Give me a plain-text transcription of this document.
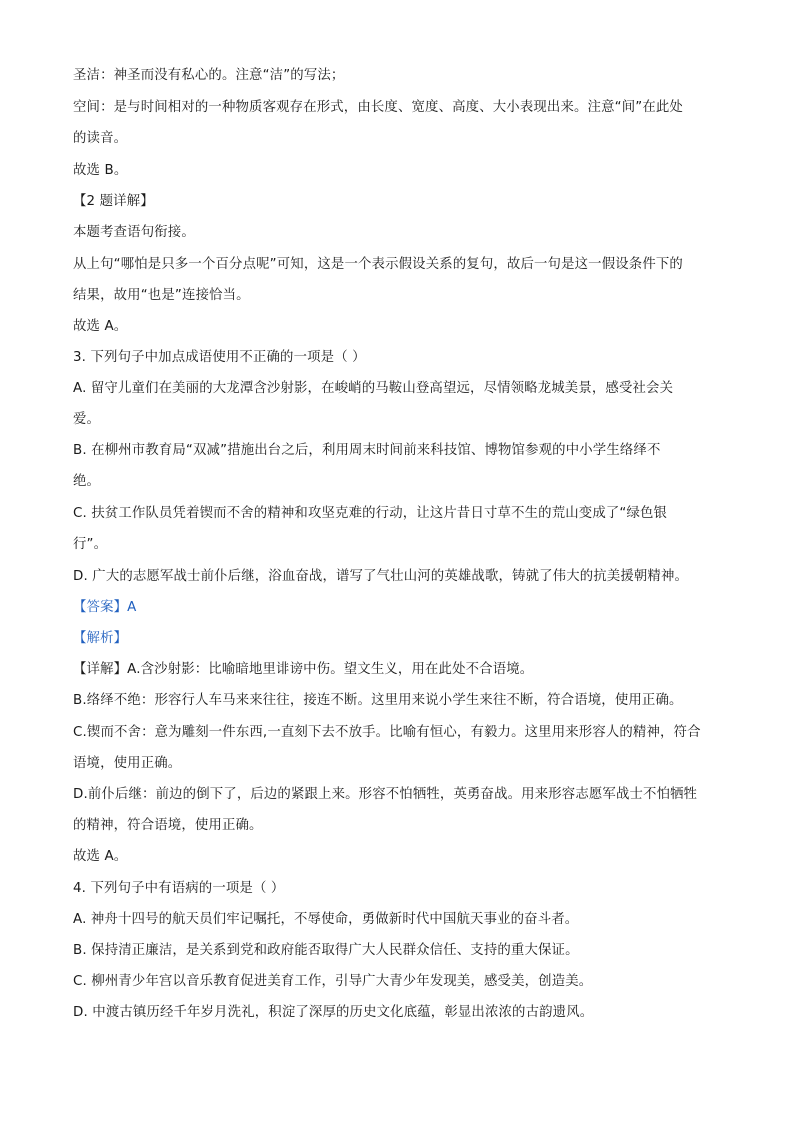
圣洁：神圣而没有私心的。注意“洁”的写法；
空间：是与时间相对的一种物质客观存在形式，由长度、宽度、高度、大小表现出来。注意“间”在此处
的读音。
故选 B。
【2 题详解】
本题考查语句衔接。
从上句“哪怕是只多一个百分点呢”可知，这是一个表示假设关系的复句，故后一句是这一假设条件下的
结果，故用“也是”连接恰当。
故选 A。
3. 下列句子中加点成语使用不正确的一项是（ ）
A. 留守儿童们在美丽的大龙潭含沙射影，在峻峭的马鞍山登高望远，尽情领略龙城美景，感受社会关
爱。
B. 在柳州市教育局“双减”措施出台之后，利用周末时间前来科技馆、博物馆参观的中小学生络绎不
绝。
C. 扶贫工作队员凭着锲而不舍的精神和攻坚克难的行动，让这片昔日寸草不生的荒山变成了“绿色银
行”。
D. 广大的志愿军战士前仆后继，浴血奋战，谱写了气壮山河的英雄战歌，铸就了伟大的抗美援朝精神。
【答案】A
【解析】
【详解】A.含沙射影：比喻暗地里诽谤中伤。望文生义，用在此处不合语境。
B.络绎不绝：形容行人车马来来往往，接连不断。这里用来说小学生来往不断，符合语境，使用正确。
C.锲而不舍：意为雕刻一件东西,一直刻下去不放手。比喻有恒心，有毅力。这里用来形容人的精神，符合
语境，使用正确。
D.前仆后继：前边的倒下了，后边的紧跟上来。形容不怕牺牲，英勇奋战。用来形容志愿军战士不怕牺牲
的精神，符合语境，使用正确。
故选 A。
4. 下列句子中有语病的一项是（ ）
A. 神舟十四号的航天员们牢记嘱托，不辱使命，勇做新时代中国航天事业的奋斗者。
B. 保持清正廉洁，是关系到党和政府能否取得广大人民群众信任、支持的重大保证。
C. 柳州青少年宫以音乐教育促进美育工作，引导广大青少年发现美，感受美，创造美。
D. 中渡古镇历经千年岁月洗礼，积淀了深厚的历史文化底蕴，彰显出浓浓的古韵遗风。
